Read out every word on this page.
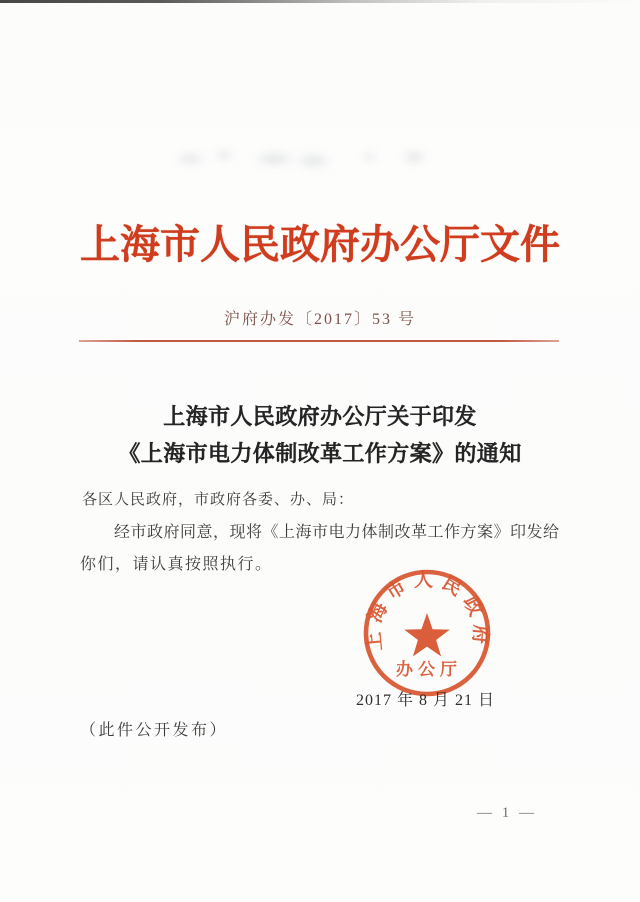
上海市人民政府办公厅文件
沪府办发〔2017〕53 号
上海市人民政府办公厅关于印发
《上海市电力体制改革工作方案》的通知
各区人民政府，市政府各委、办、局：
经市政府同意，现将《上海市电力体制改革工作方案》印发给
你们，请认真按照执行。
2017 年 8 月 21 日
上海市人民政府
办公厅
（此件公开发布）
— 1 —
